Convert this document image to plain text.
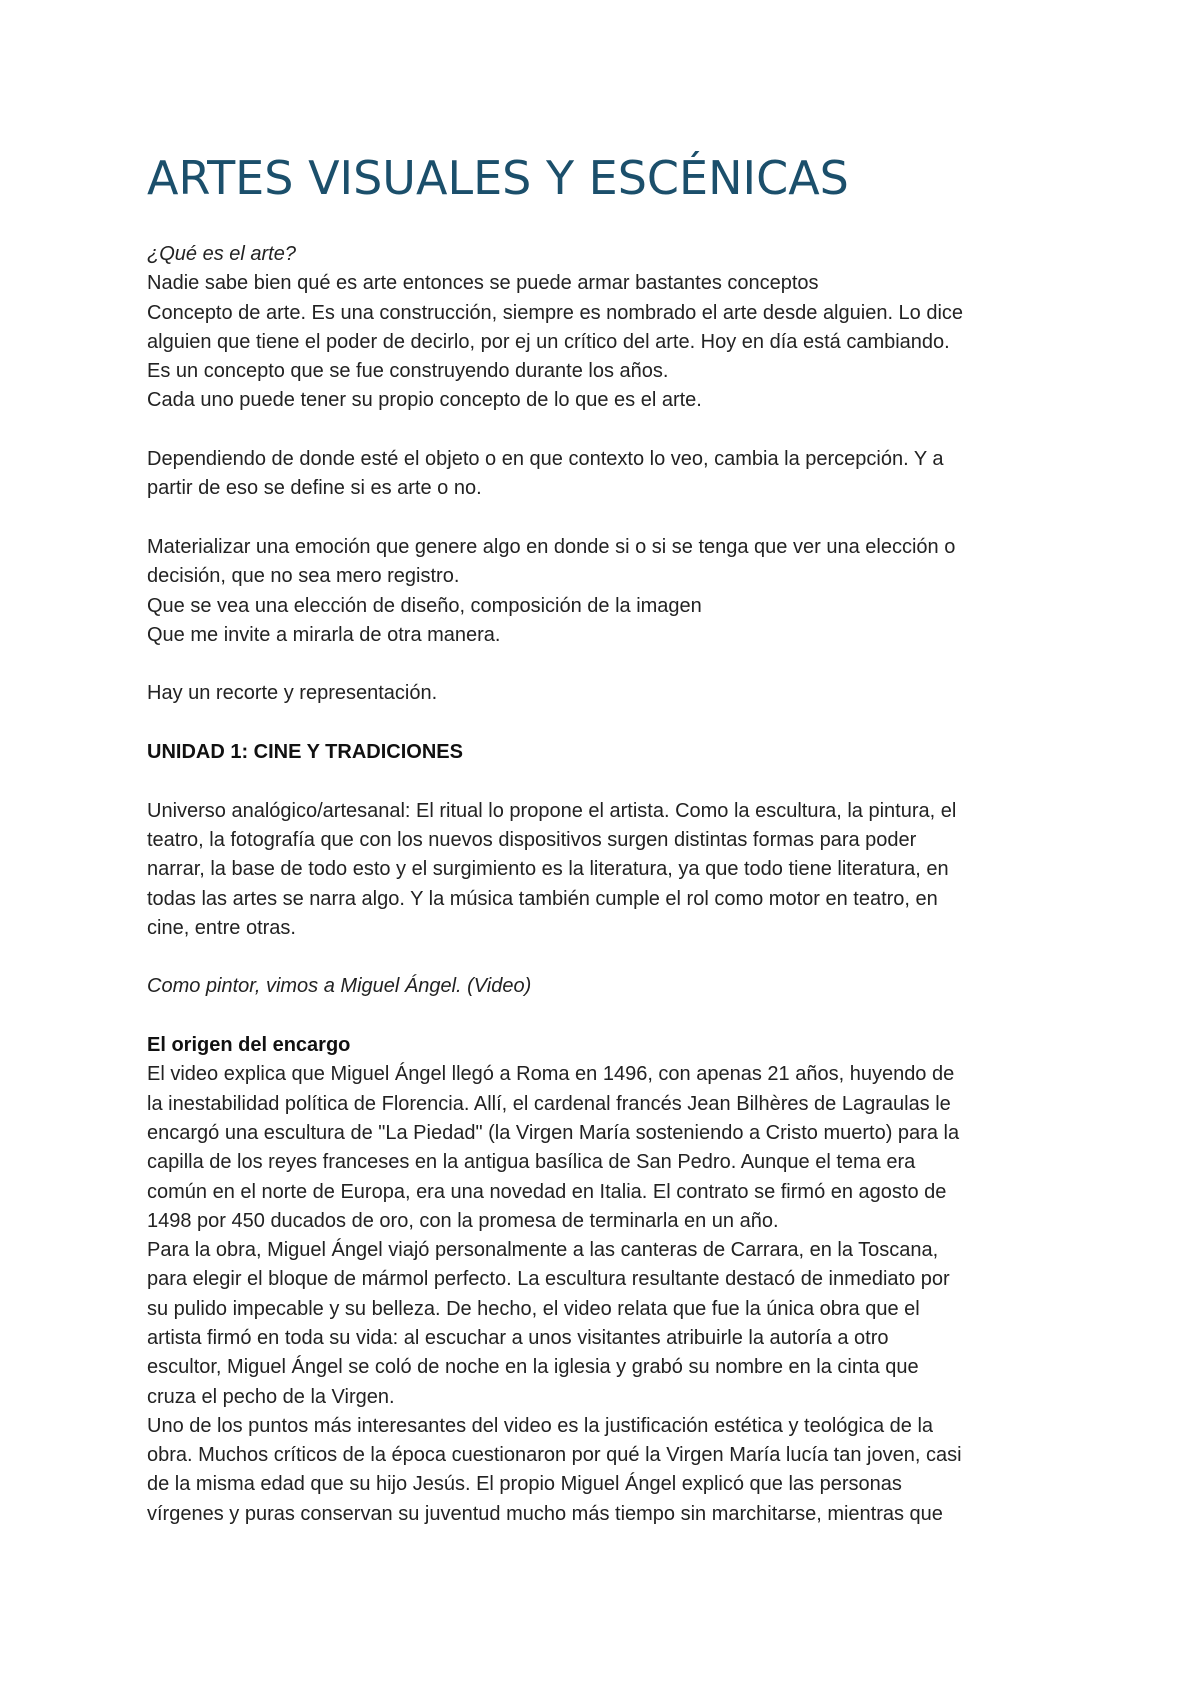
ARTES VISUALES Y ESCÉNICAS
¿Qué es el arte?
Nadie sabe bien qué es arte entonces se puede armar bastantes conceptos
Concepto de arte. Es una construcción, siempre es nombrado el arte desde alguien. Lo dice
alguien que tiene el poder de decirlo, por ej un crítico del arte. Hoy en día está cambiando.
Es un concepto que se fue construyendo durante los años.
Cada uno puede tener su propio concepto de lo que es el arte.
Dependiendo de donde esté el objeto o en que contexto lo veo, cambia la percepción. Y a
partir de eso se define si es arte o no.
Materializar una emoción que genere algo en donde si o si se tenga que ver una elección o
decisión, que no sea mero registro.
Que se vea una elección de diseño, composición de la imagen
Que me invite a mirarla de otra manera.
Hay un recorte y representación.
UNIDAD 1: CINE Y TRADICIONES
Universo analógico/artesanal: El ritual lo propone el artista. Como la escultura, la pintura, el
teatro, la fotografía que con los nuevos dispositivos surgen distintas formas para poder
narrar, la base de todo esto y el surgimiento es la literatura, ya que todo tiene literatura, en
todas las artes se narra algo. Y la música también cumple el rol como motor en teatro, en
cine, entre otras.
Como pintor, vimos a Miguel Ángel. (Video)
El origen del encargo
El video explica que Miguel Ángel llegó a Roma en 1496, con apenas 21 años, huyendo de
la inestabilidad política de Florencia. Allí, el cardenal francés Jean Bilhères de Lagraulas le
encargó una escultura de "La Piedad" (la Virgen María sosteniendo a Cristo muerto) para la
capilla de los reyes franceses en la antigua basílica de San Pedro. Aunque el tema era
común en el norte de Europa, era una novedad en Italia. El contrato se firmó en agosto de
1498 por 450 ducados de oro, con la promesa de terminarla en un año.
Para la obra, Miguel Ángel viajó personalmente a las canteras de Carrara, en la Toscana,
para elegir el bloque de mármol perfecto. La escultura resultante destacó de inmediato por
su pulido impecable y su belleza. De hecho, el video relata que fue la única obra que el
artista firmó en toda su vida: al escuchar a unos visitantes atribuirle la autoría a otro
escultor, Miguel Ángel se coló de noche en la iglesia y grabó su nombre en la cinta que
cruza el pecho de la Virgen.
Uno de los puntos más interesantes del video es la justificación estética y teológica de la
obra. Muchos críticos de la época cuestionaron por qué la Virgen María lucía tan joven, casi
de la misma edad que su hijo Jesús. El propio Miguel Ángel explicó que las personas
vírgenes y puras conservan su juventud mucho más tiempo sin marchitarse, mientras que
